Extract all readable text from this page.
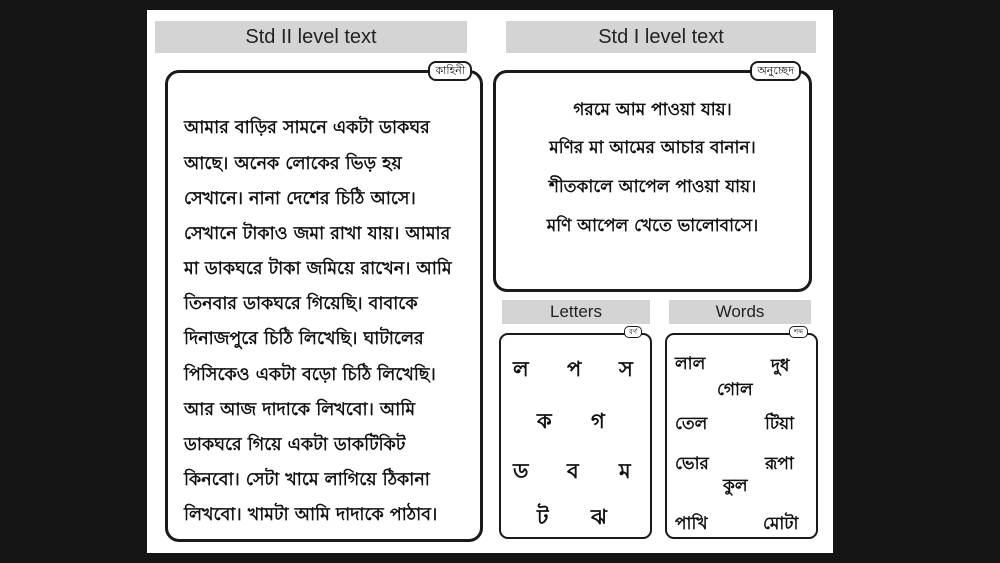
Std II level text
কাহিনী
আমার বাড়ির সামনে একটা ডাকঘর
আছে। অনেক লোকের ভিড় হয়
সেখানে। নানা দেশের চিঠি আসে।
সেখানে টাকাও জমা রাখা যায়। আমার
মা ডাকঘরে টাকা জমিয়ে রাখেন। আমি
তিনবার ডাকঘরে গিয়েছি। বাবাকে
দিনাজপুরে চিঠি লিখেছি। ঘাটালের
পিসিকেও একটা বড়ো চিঠি লিখেছি।
আর আজ দাদাকে লিখবো। আমি
ডাকঘরে গিয়ে একটা ডাকটিকিট
কিনবো। সেটা খামে লাগিয়ে ঠিকানা
লিখবো। খামটা আমি দাদাকে পাঠাব।
Std I level text
অনুচ্ছেদ
গরমে আম পাওয়া যায়।
মণির মা আমের আচার বানান।
শীতকালে আপেল পাওয়া যায়।
মণি আপেল খেতে ভালোবাসে।
Letters
বর্ণ
ল প স
ক গ
ড ব ম
ট ঝ
Words
শব্দ
লাল	দুধ
গোল
তেল	টিয়া
ভোর	রূপা
কুল
পাখি	মোটা
